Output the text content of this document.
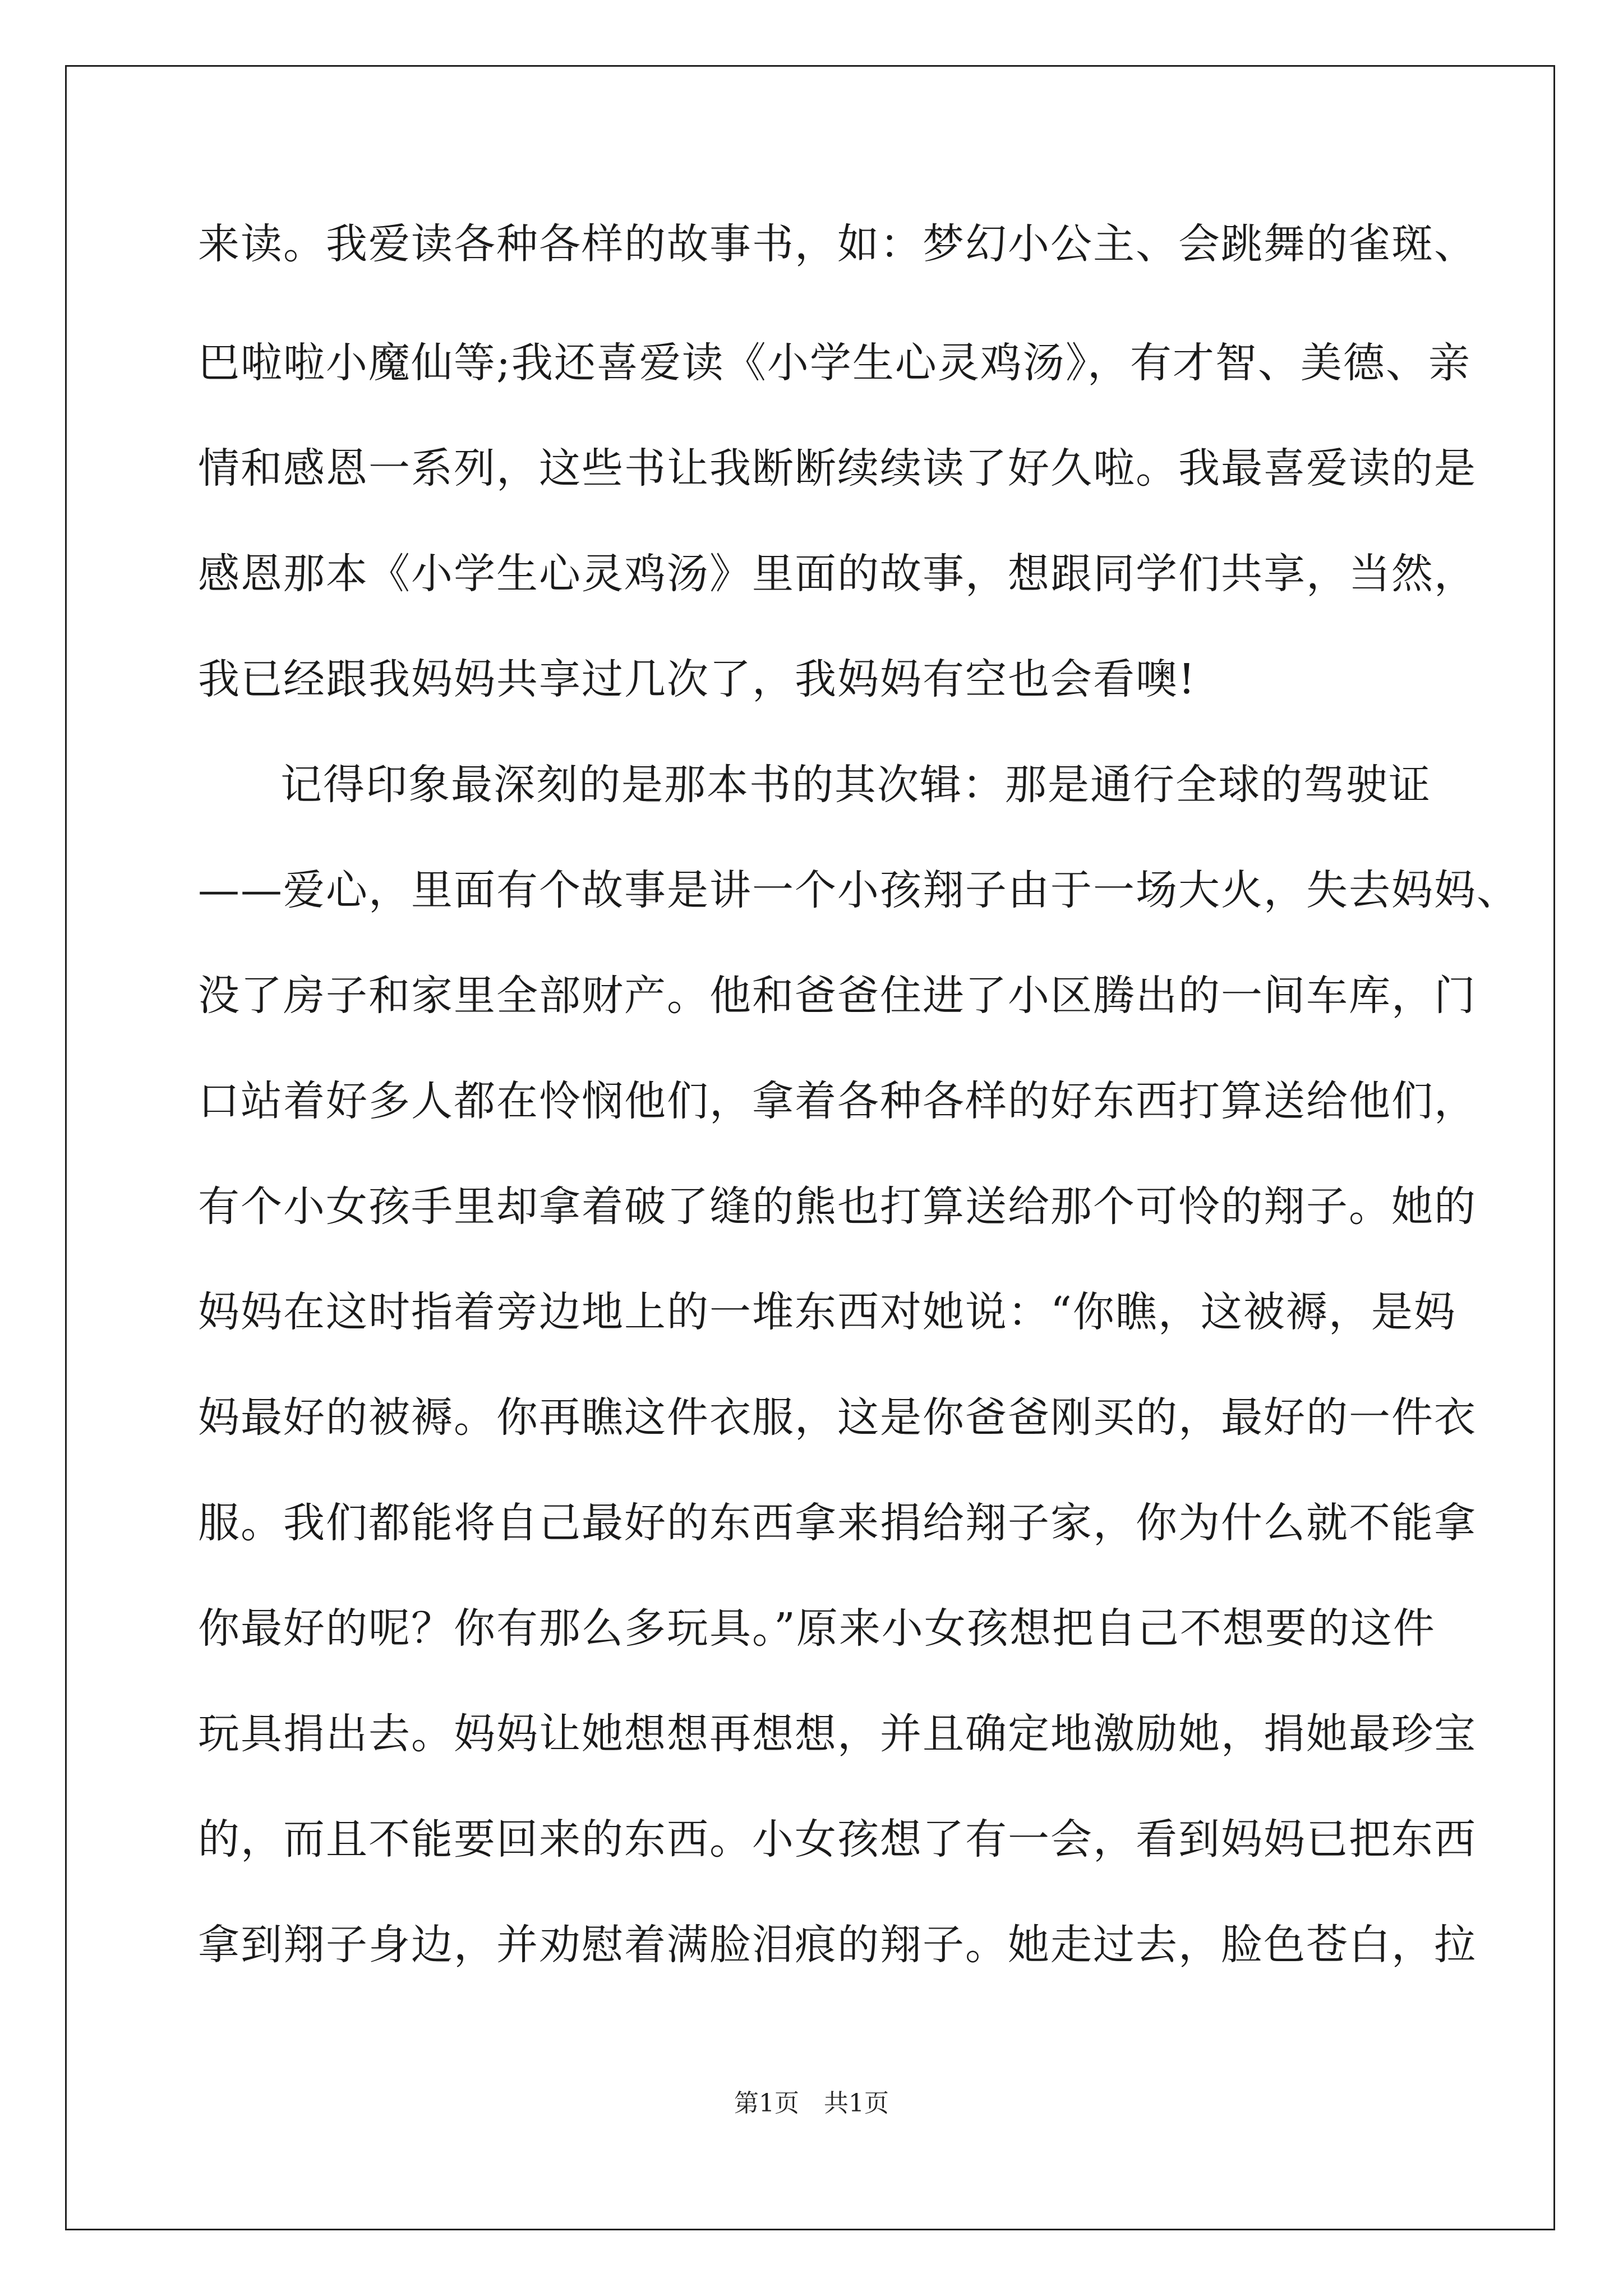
来读。我爱读各种各样的故事书，如：梦幻小公主、会跳舞的雀斑、
巴啦啦小魔仙等;我还喜爱读《小学生心灵鸡汤》，有才智、美德、亲
情和感恩一系列，这些书让我断断续续读了好久啦。我最喜爱读的是
感恩那本《小学生心灵鸡汤》里面的故事，想跟同学们共享，当然，
我已经跟我妈妈共享过几次了，我妈妈有空也会看噢!
记得印象最深刻的是那本书的其次辑：那是通行全球的驾驶证
——爱心，里面有个故事是讲一个小孩翔子由于一场大火，失去妈妈、
没了房子和家里全部财产。他和爸爸住进了小区腾出的一间车库，门
口站着好多人都在怜悯他们，拿着各种各样的好东西打算送给他们，
有个小女孩手里却拿着破了缝的熊也打算送给那个可怜的翔子。她的
妈妈在这时指着旁边地上的一堆东西对她说：“你瞧，这被褥，是妈
妈最好的被褥。你再瞧这件衣服，这是你爸爸刚买的，最好的一件衣
服。我们都能将自己最好的东西拿来捐给翔子家，你为什么就不能拿
你最好的呢？你有那么多玩具。”原来小女孩想把自己不想要的这件
玩具捐出去。妈妈让她想想再想想，并且确定地激励她，捐她最珍宝
的，而且不能要回来的东西。小女孩想了有一会，看到妈妈已把东西
拿到翔子身边，并劝慰着满脸泪痕的翔子。她走过去，脸色苍白，拉
第1页　共1页
